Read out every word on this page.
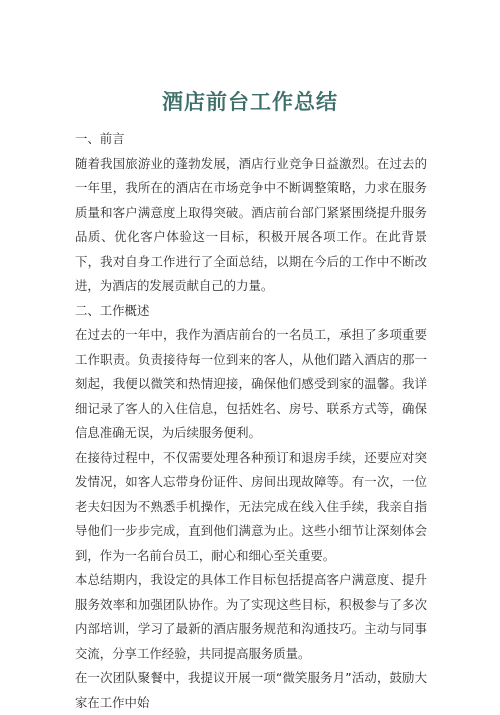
酒店前台工作总结

一、前言

随着我国旅游业的蓬勃发展，酒店行业竞争日益激烈。在过去的一年里，我所在的酒店在市场竞争中不断调整策略，力求在服务质量和客户满意度上取得突破。酒店前台部门紧紧围绕提升服务品质、优化客户体验这一目标，积极开展各项工作。在此背景下，我对自身工作进行了全面总结，以期在今后的工作中不断改进，为酒店的发展贡献自己的力量。

二、工作概述

在过去的一年中，我作为酒店前台的一名员工，承担了多项重要工作职责。负责接待每一位到来的客人，从他们踏入酒店的那一刻起，我便以微笑和热情迎接，确保他们感受到家的温馨。我详细记录了客人的入住信息，包括姓名、房号、联系方式等，确保信息准确无误，为后续服务便利。

在接待过程中，不仅需要处理各种预订和退房手续，还要应对突发情况，如客人忘带身份证件、房间出现故障等。有一次，一位老夫妇因为不熟悉手机操作，无法完成在线入住手续，我亲自指导他们一步步完成，直到他们满意为止。这些小细节让深刻体会到，作为一名前台员工，耐心和细心至关重要。

本总结期内，我设定的具体工作目标包括提高客户满意度、提升服务效率和加强团队协作。为了实现这些目标，积极参与了多次内部培训，学习了最新的酒店服务规范和沟通技巧。主动与同事交流，分享工作经验，共同提高服务质量。

在一次团队聚餐中，我提议开展一项“微笑服务月”活动，鼓励大家在工作中始
